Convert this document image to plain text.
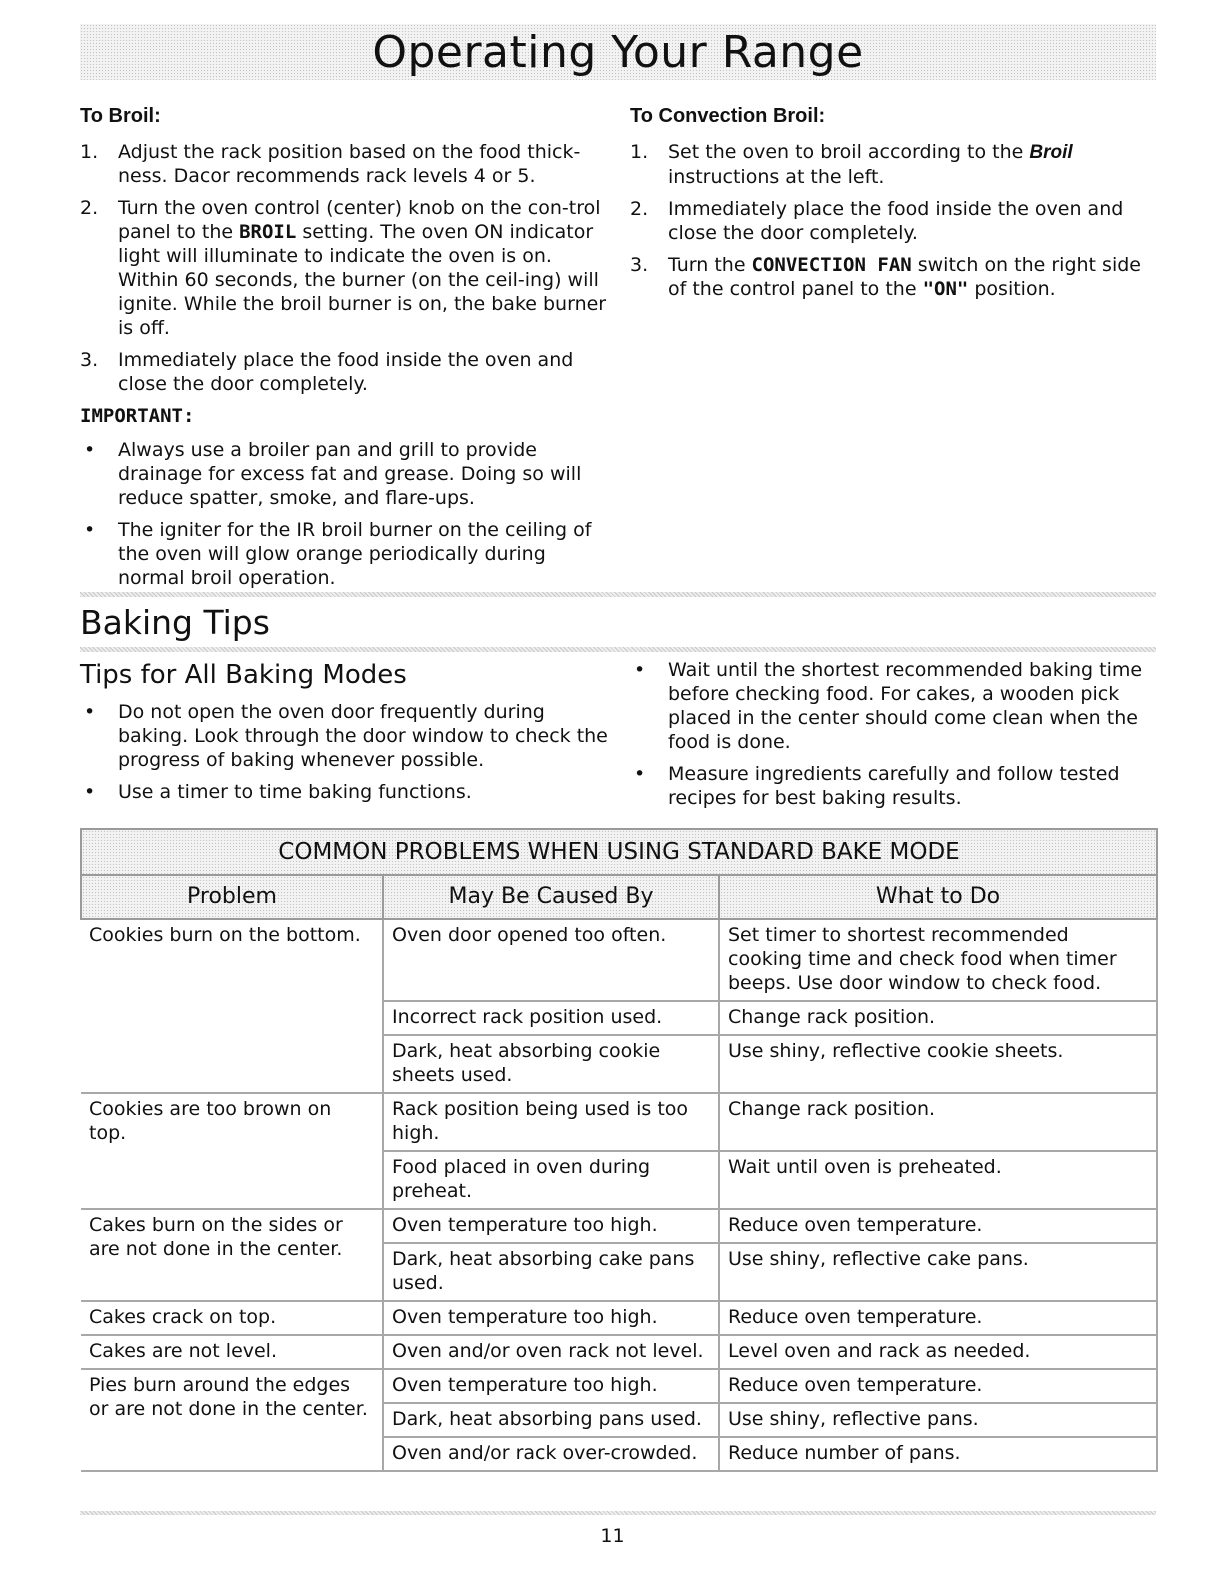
Operating Your Range
To Broil:
1. Adjust the rack position based on the food thick-ness. Dacor recommends rack levels 4 or 5.
2. Turn the oven control (center) knob on the con-trol panel to the BROIL setting. The oven ON indicator light will illuminate to indicate the oven is on. Within 60 seconds, the burner (on the ceil-ing) will ignite. While the broil burner is on, the bake burner is off.
3. Immediately place the food inside the oven and close the door completely.
IMPORTANT:
• Always use a broiler pan and grill to provide drainage for excess fat and grease. Doing so will reduce spatter, smoke, and flare-ups.
• The igniter for the IR broil burner on the ceiling of the oven will glow orange periodically during normal broil operation.
To Convection Broil:
1. Set the oven to broil according to the Broil instructions at the left.
2. Immediately place the food inside the oven and close the door completely.
3. Turn the CONVECTION FAN switch on the right side of the control panel to the "ON" position.
Baking Tips
Tips for All Baking Modes
• Do not open the oven door frequently during baking. Look through the door window to check the progress of baking whenever possible.
• Use a timer to time baking functions.
• Wait until the shortest recommended baking time before checking food. For cakes, a wooden pick placed in the center should come clean when the food is done.
• Measure ingredients carefully and follow tested recipes for best baking results.
COMMON PROBLEMS WHEN USING STANDARD BAKE MODE		
Problem	May Be Caused By	What to Do
Cookies burn on the bottom.	Oven door opened too often.	Set timer to shortest recommended cooking time and check food when timer beeps. Use door window to check food.
	Incorrect rack position used.	Change rack position.
	Dark, heat absorbing cookie sheets used.	Use shiny, reflective cookie sheets.
Cookies are too brown on top.	Rack position being used is too high.	Change rack position.
	Food placed in oven during preheat.	Wait until oven is preheated.
Cakes burn on the sides or are not done in the center.	Oven temperature too high.	Reduce oven temperature.
	Dark, heat absorbing cake pans used.	Use shiny, reflective cake pans.
Cakes crack on top.	Oven temperature too high.	Reduce oven temperature.
Cakes are not level.	Oven and/or oven rack not level.	Level oven and rack as needed.
Pies burn around the edges or are not done in the center.	Oven temperature too high.	Reduce oven temperature.
	Dark, heat absorbing pans used.	Use shiny, reflective pans.
	Oven and/or rack over-crowded.	Reduce number of pans.
11
